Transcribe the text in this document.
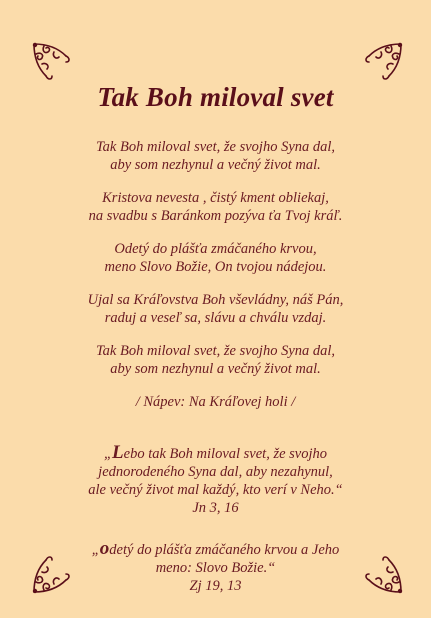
Tak Boh miloval svet

Tak Boh miloval svet, že svojho Syna dal,

aby som nezhynul a večný život mal.

Kristova nevesta , čistý kment obliekaj,

na svadbu s Baránkom pozýva ťa Tvoj kráľ.

Odetý do plášťa zmáčaného krvou,

meno Slovo Božie, On tvojou nádejou.

Ujal sa Kráľovstva Boh vševládny, náš Pán,

raduj a veseľ sa, slávu a chválu vzdaj.

Tak Boh miloval svet, že svojho Syna dal,

aby som nezhynul a večný život mal.

/ Nápev: Na Kráľovej holi /

„Lebo tak Boh miloval svet, že svojho

jednorodeného Syna dal, aby nezahynul,

ale večný život mal každý, kto verí v Neho.“

Jn 3, 16

„odetý do plášťa zmáčaného krvou a Jeho

meno: Slovo Božie.“

Zj 19, 13
